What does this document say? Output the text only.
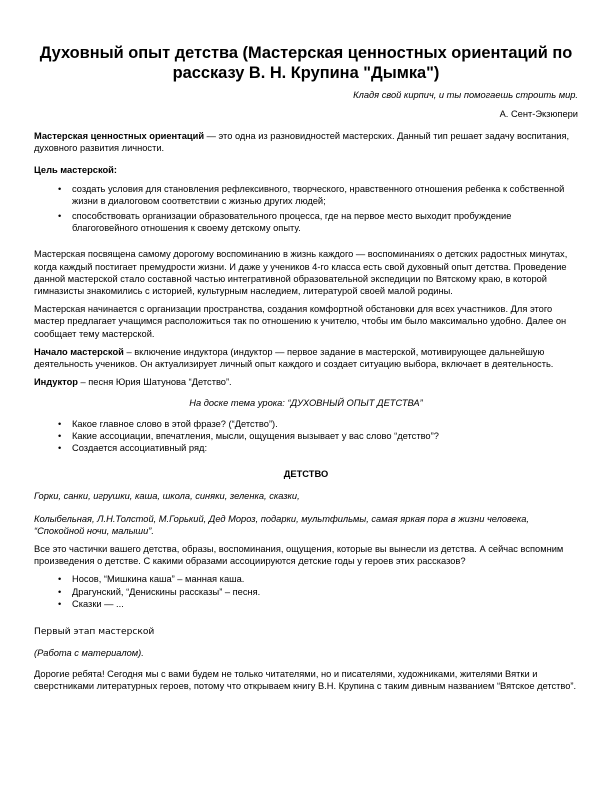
Духовный опыт детства (Мастерская ценностных ориентаций по рассказу В. Н. Крупина "Дымка")
Кладя свой кирпич, и ты помогаешь строить мир.
А. Сент-Экзюпери

Мастерская ценностных ориентаций — это одна из разновидностей мастерских. Данный тип решает задачу воспитания, духовного развития личности.

Цель мастерской:

• создать условия для становления рефлексивного, творческого, нравственного отношения ребенка к собственной жизни в диалоговом соответствии с жизнью других людей;
• способствовать организации образовательного процесса, где на первое место выходит пробуждение благоговейного отношения к своему детскому опыту.

Мастерская посвящена самому дорогому воспоминанию в жизнь каждого — воспоминаниях о детских радостных минутах, когда каждый постигает премудрости жизни. И даже у учеников 4-го класса есть свой духовный опыт детства. Проведение данной мастерской стало составной частью интегративной образовательной экспедиции по Вятскому краю, в которой гимназисты знакомились с историей, культурным наследием, литературой своей малой родины.

Мастерская начинается с организации пространства, создания комфортной обстановки для всех участников. Для этого мастер предлагает учащимся расположиться так по отношению к учителю, чтобы им было максимально удобно. Далее он сообщает тему мастерской.

Начало мастерской – включение индуктора (индуктор — первое задание в мастерской, мотивирующее дальнейшую деятельность учеников. Он актуализирует личный опыт каждого и создает ситуацию выбора, включает в деятельность.

Индуктор – песня Юрия Шатунова “Детство”.

На доске тема урока: “ДУХОВНЫЙ ОПЫТ ДЕТСТВА”

• Какое главное слово в этой фразе? (“Детство”).
• Какие ассоциации, впечатления, мысли, ощущения вызывает у вас слово “детство”?
• Создается ассоциативный ряд:

ДЕТСТВО

Горки, санки, игрушки, каша, школа, синяки, зеленка, сказки,

Колыбельная, Л.Н.Толстой, М.Горький, Дед Мороз, подарки, мультфильмы, самая яркая пора в жизни человека, “Спокойной ночи, малыши”.

Все это частички вашего детства, образы, воспоминания, ощущения, которые вы вынесли из детства. А сейчас вспомним произведения о детстве. С какими образами ассоциируются детские годы у героев этих рассказов?

• Носов, “Мишкина каша” – манная каша.
• Драгунский, “Денискины рассказы” – песня.
• Сказки — ...

Первый этап мастерской

(Работа с материалом).

Дорогие ребята! Сегодня мы с вами будем не только читателями, но и писателями, художниками, жителями Вятки и сверстниками литературных героев, потому что открываем книгу В.Н. Крупина с таким дивным названием “Вятское детство”.
